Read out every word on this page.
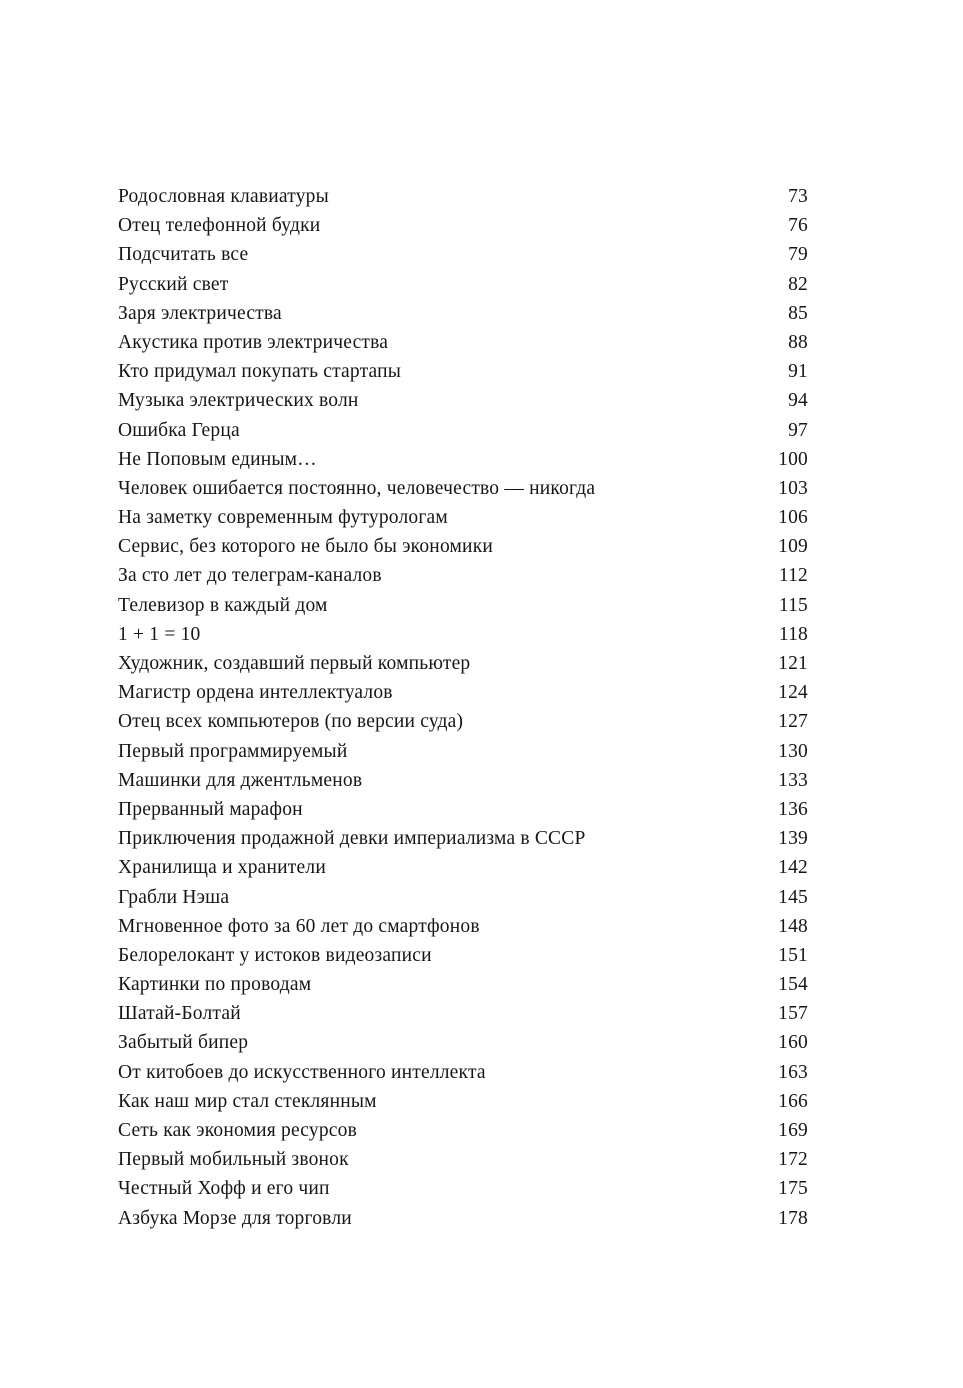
Родословная клавиатуры	73
Отец телефонной будки	76
Подсчитать все	79
Русский свет	82
Заря электричества	85
Акустика против электричества	88
Кто придумал покупать стартапы	91
Музыка электрических волн	94
Ошибка Герца	97
Не Поповым единым…	100
Человек ошибается постоянно, человечество — никогда	103
На заметку современным футурологам	106
Сервис, без которого не было бы экономики	109
За сто лет до телеграм-каналов	112
Телевизор в каждый дом	115
1 + 1 = 10	118
Художник, создавший первый компьютер	121
Магистр ордена интеллектуалов	124
Отец всех компьютеров (по версии суда)	127
Первый программируемый	130
Машинки для джентльменов	133
Прерванный марафон	136
Приключения продажной девки империализма в СССР	139
Хранилища и хранители	142
Грабли Нэша	145
Мгновенное фото за 60 лет до смартфонов	148
Белорелокант у истоков видеозаписи	151
Картинки по проводам	154
Шатай-Болтай	157
Забытый бипер	160
От китобоев до искусственного интеллекта	163
Как наш мир стал стеклянным	166
Сеть как экономия ресурсов	169
Первый мобильный звонок	172
Честный Хофф и его чип	175
Азбука Морзе для торговли	178
